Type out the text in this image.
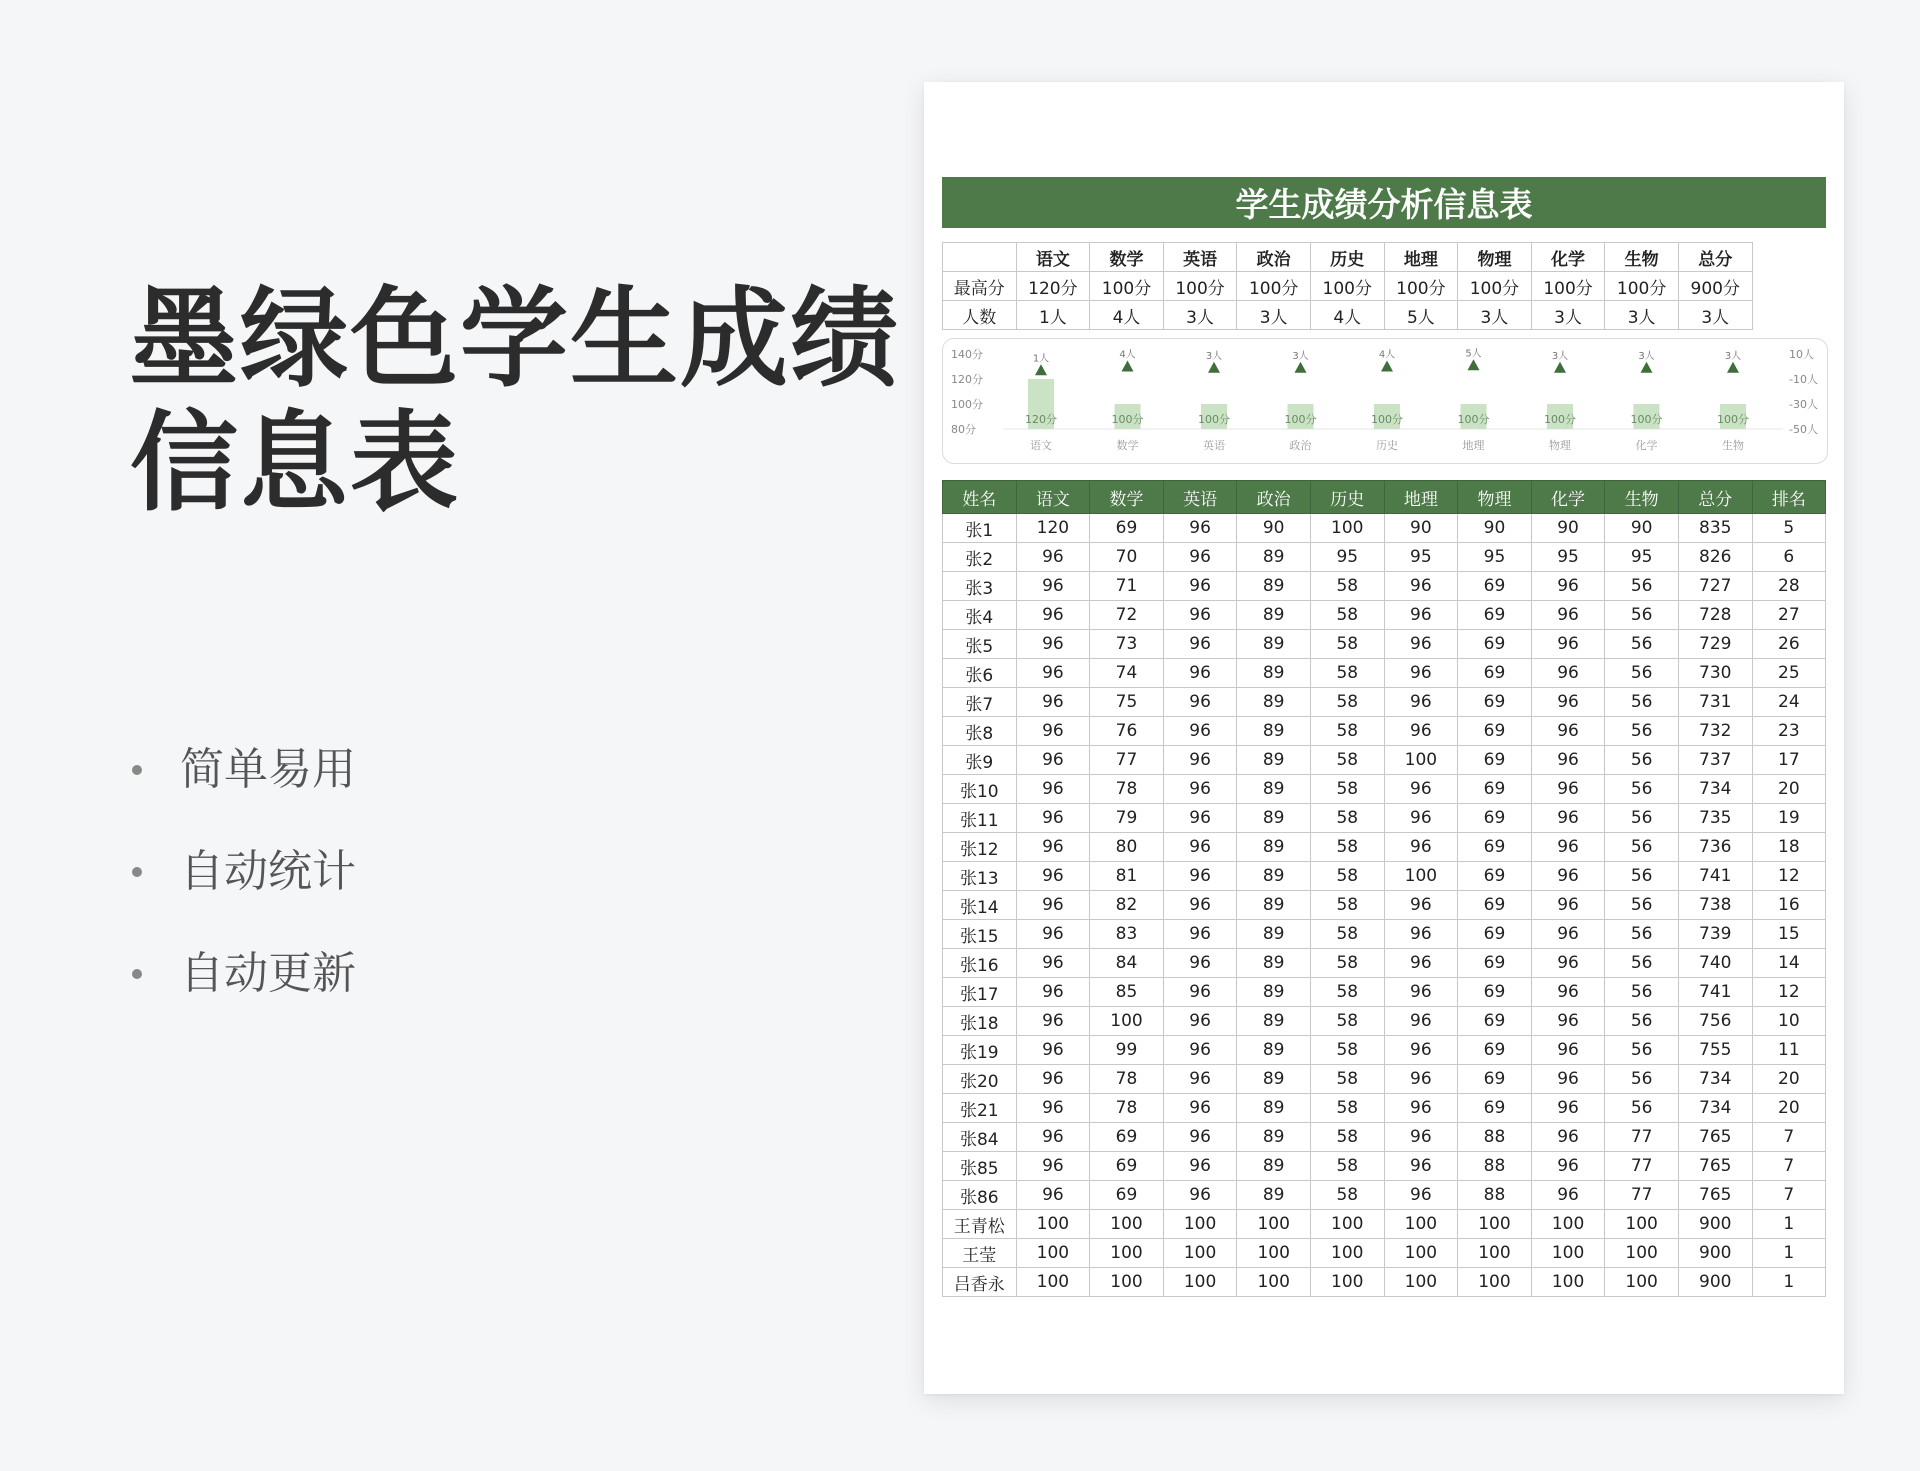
墨绿色学生成绩
信息表
简单易用
自动统计
自动更新
学生成绩分析信息表
	语文	数学	英语	政治	历史	地理	物理	化学	生物	总分
最高分	120分	100分	100分	100分	100分	100分	100分	100分	100分	900分
人数	1人	4人	3人	3人	4人	5人	3人	3人	3人	3人
140分
120分
100分
80分
10人
-10人
-30人
-50人
120分
语文
1人
100分
数学
4人
100分
英语
3人
100分
政治
3人
100分
历史
4人
100分
地理
5人
100分
物理
3人
100分
化学
3人
100分
生物
3人
姓名	语文	数学	英语	政治	历史	地理	物理	化学	生物	总分	排名
张1	120	69	96	90	100	90	90	90	90	835	5
张2	96	70	96	89	95	95	95	95	95	826	6
张3	96	71	96	89	58	96	69	96	56	727	28
张4	96	72	96	89	58	96	69	96	56	728	27
张5	96	73	96	89	58	96	69	96	56	729	26
张6	96	74	96	89	58	96	69	96	56	730	25
张7	96	75	96	89	58	96	69	96	56	731	24
张8	96	76	96	89	58	96	69	96	56	732	23
张9	96	77	96	89	58	100	69	96	56	737	17
张10	96	78	96	89	58	96	69	96	56	734	20
张11	96	79	96	89	58	96	69	96	56	735	19
张12	96	80	96	89	58	96	69	96	56	736	18
张13	96	81	96	89	58	100	69	96	56	741	12
张14	96	82	96	89	58	96	69	96	56	738	16
张15	96	83	96	89	58	96	69	96	56	739	15
张16	96	84	96	89	58	96	69	96	56	740	14
张17	96	85	96	89	58	96	69	96	56	741	12
张18	96	100	96	89	58	96	69	96	56	756	10
张19	96	99	96	89	58	96	69	96	56	755	11
张20	96	78	96	89	58	96	69	96	56	734	20
张21	96	78	96	89	58	96	69	96	56	734	20
张84	96	69	96	89	58	96	88	96	77	765	7
张85	96	69	96	89	58	96	88	96	77	765	7
张86	96	69	96	89	58	96	88	96	77	765	7
王青松	100	100	100	100	100	100	100	100	100	900	1
王莹	100	100	100	100	100	100	100	100	100	900	1
吕香永	100	100	100	100	100	100	100	100	100	900	1
